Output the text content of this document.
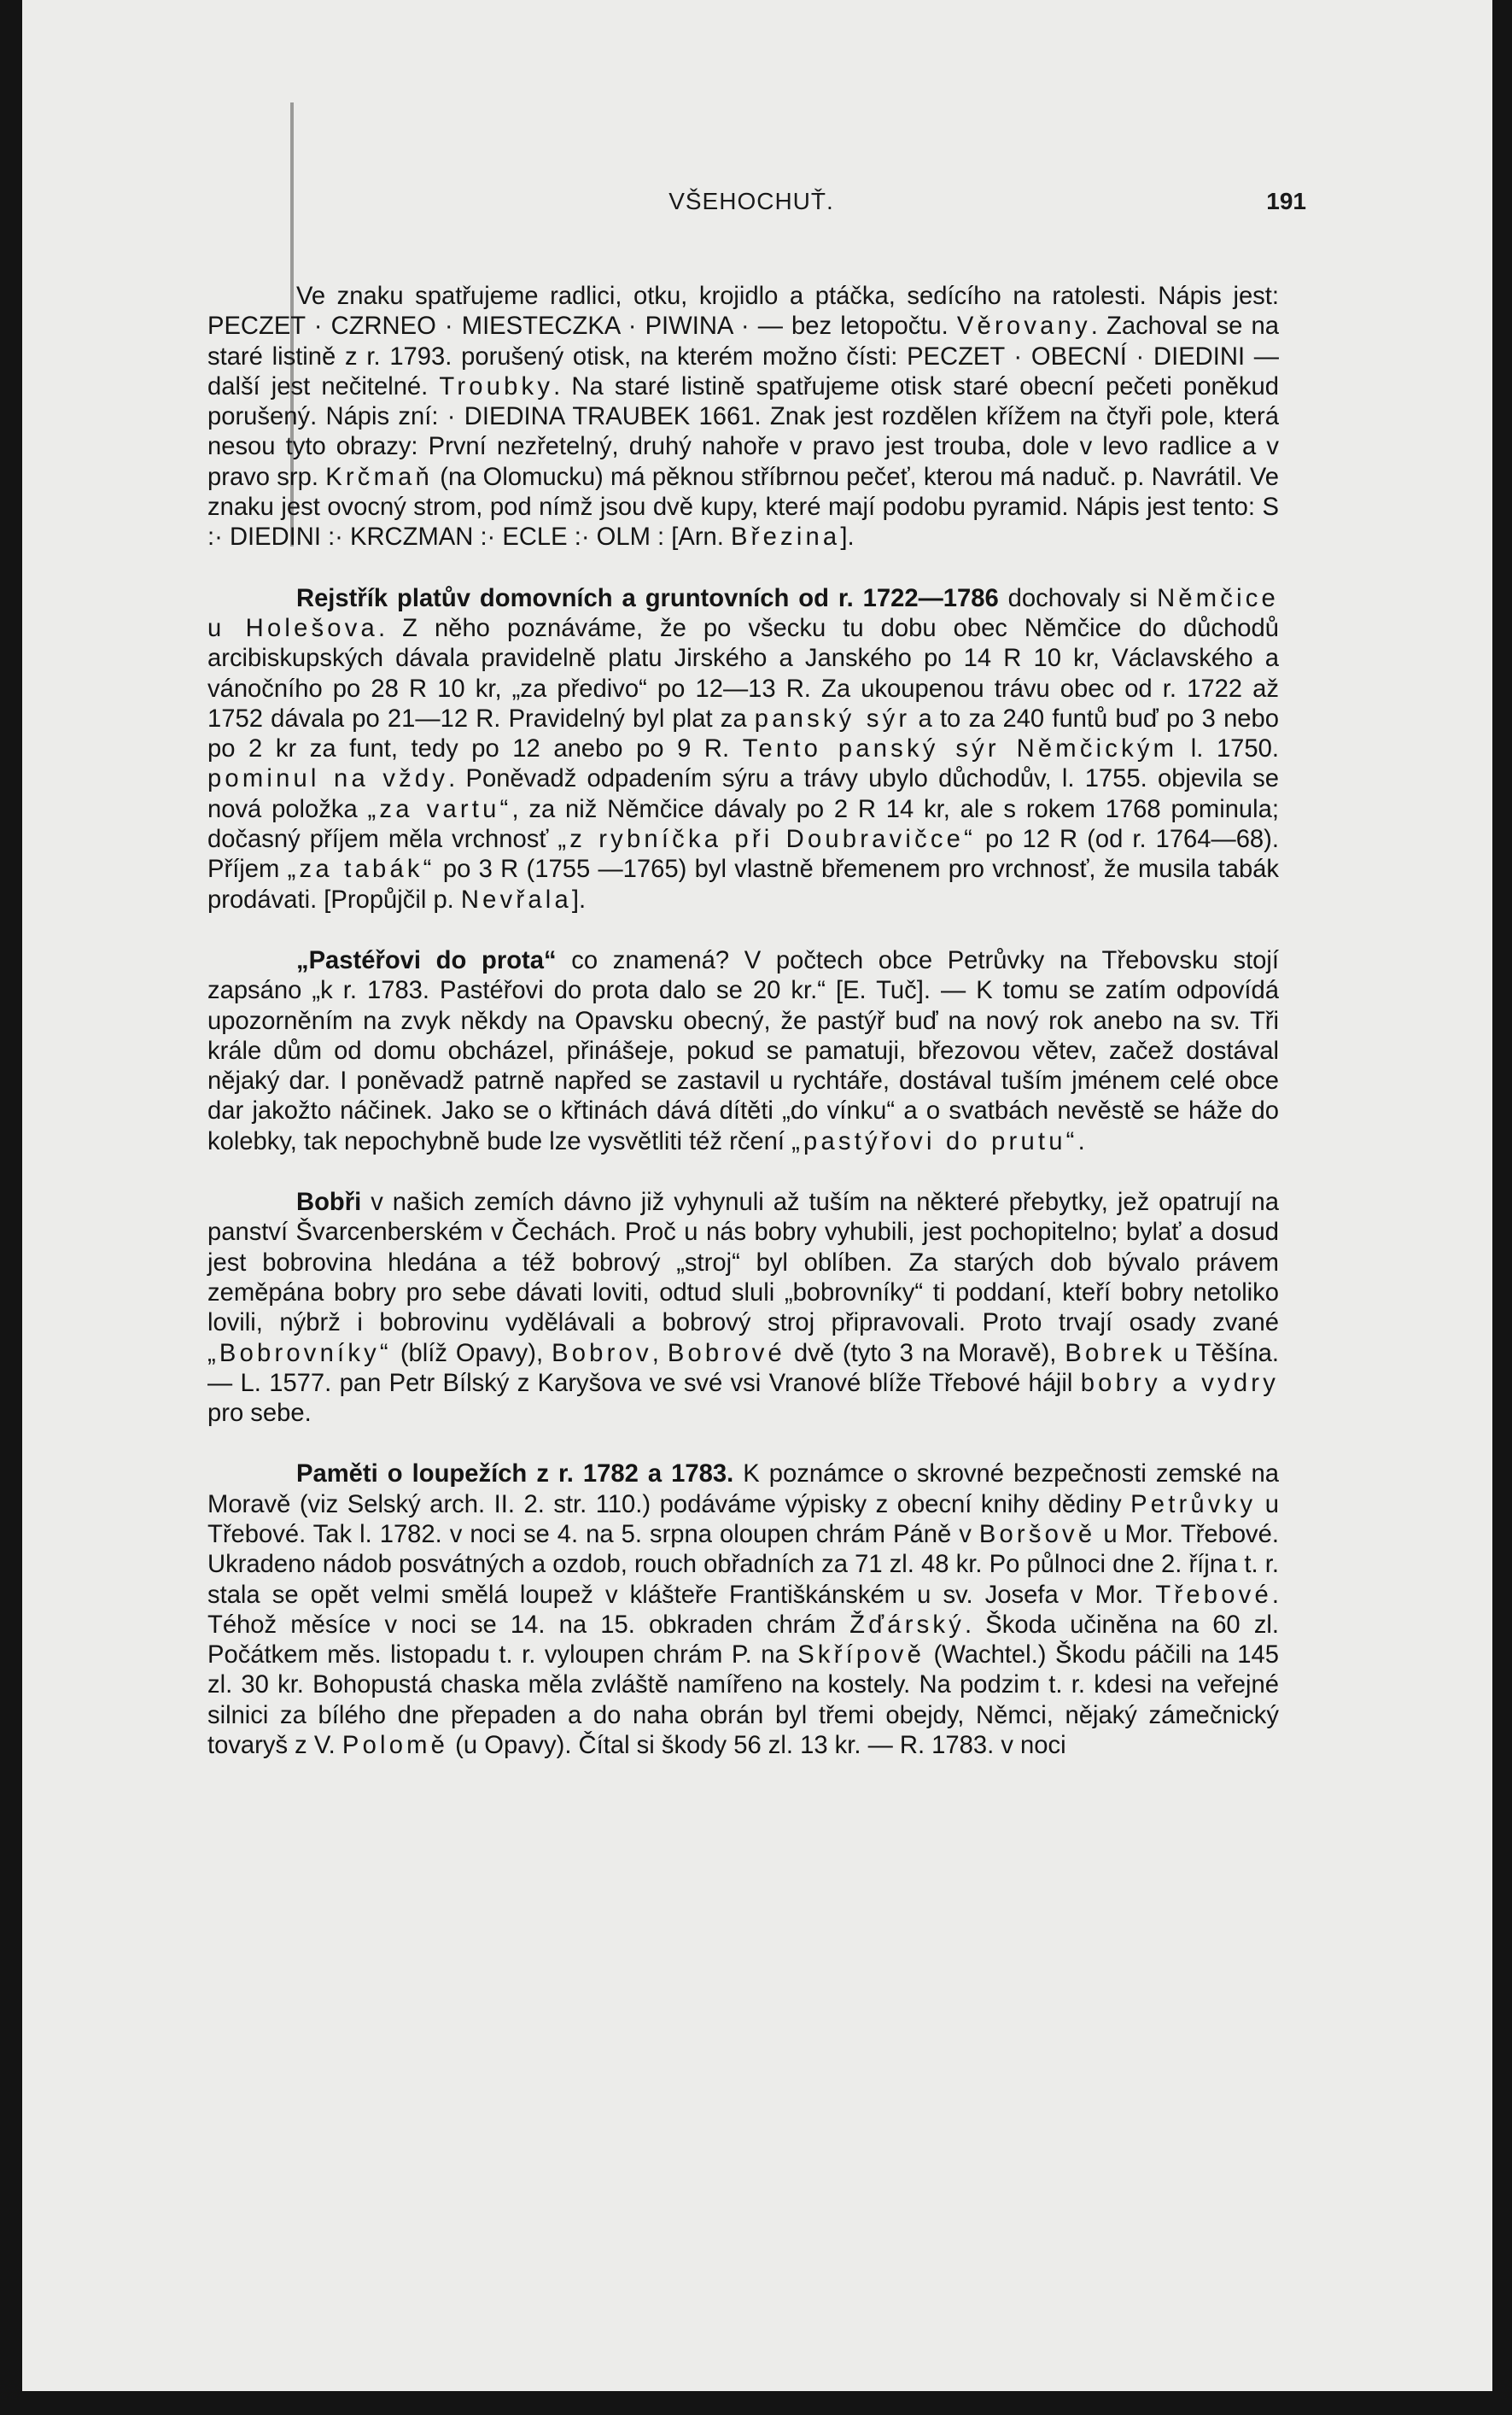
VŠEHOCHUŤ.	191

Ve znaku spatřujeme radlici, otku, krojidlo a ptáčka, sedícího na ratolesti. Nápis jest: PECZET · CZRNEO · MIESTECZKA · PIWINA · — bez letopočtu. Věrovany. Zachoval se na staré listině z r. 1793. porušený otisk, na kterém možno čísti: PECZET · OBECNÍ · DIEDINI — další jest nečitelné. Troubky. Na staré listině spatřujeme otisk staré obecní pečeti poněkud porušený. Nápis zní: · DIEDINA TRAUBEK 1661. Znak jest rozdělen křížem na čtyři pole, která nesou tyto obrazy: První nezřetelný, druhý nahoře v pravo jest trouba, dole v levo radlice a v pravo srp. Krčmaň (na Olomucku) má pěknou stříbrnou pečeť, kterou má naduč. p. Navrátil. Ve znaku jest ovocný strom, pod nímž jsou dvě kupy, které mají podobu pyramid. Nápis jest tento: S :· DIEDINI :· KRCZMAN :· ECLE :· OLM : [Arn. Březina].

Rejstřík platův domovních a gruntovních od r. 1722—1786 dochovaly si Němčice u Holešova. Z něho poznáváme, že po všecku tu dobu obec Němčice do důchodů arcibiskupských dávala pravidelně platu Jirského a Janského po 14 R 10 kr, Václavského a vánočního po 28 R 10 kr, „za předivo“ po 12—13 R. Za ukoupenou trávu obec od r. 1722 až 1752 dávala po 21—12 R. Pravidelný byl plat za panský sýr a to za 240 funtů buď po 3 nebo po 2 kr za funt, tedy po 12 anebo po 9 R. Tento panský sýr Němčickým l. 1750. pominul na vždy. Poněvadž odpadením sýru a trávy ubylo důchodův, l. 1755. objevila se nová položka „za vartu“, za niž Němčice dávaly po 2 R 14 kr, ale s rokem 1768 pominula; dočasný příjem měla vrchnosť „z rybníčka při Doubravičce“ po 12 R (od r. 1764—68). Příjem „za tabák“ po 3 R (1755 —1765) byl vlastně břemenem pro vrchnosť, že musila tabák prodávati. [Propůjčil p. Nevřala].

„Pastéřovi do prota“ co znamená? V počtech obce Petrůvky na Třebovsku stojí zapsáno „k r. 1783. Pastéřovi do prota dalo se 20 kr.“ [E. Tuč]. — K tomu se zatím odpovídá upozorněním na zvyk někdy na Opavsku obecný, že pastýř buď na nový rok anebo na sv. Tři krále dům od domu obcházel, přinášeje, pokud se pamatuji, březovou větev, začež dostával nějaký dar. I poněvadž patrně napřed se zastavil u rychtáře, dostával tuším jménem celé obce dar jakožto náčinek. Jako se o křtinách dává dítěti „do vínku“ a o svatbách nevěstě se háže do kolebky, tak nepochybně bude lze vysvětliti též rčení „pastýřovi do prutu“.

Bobři v našich zemích dávno již vyhynuli až tuším na některé přebytky, jež opatrují na panství Švarcenberském v Čechách. Proč u nás bobry vyhubili, jest pochopitelno; bylať a dosud jest bobrovina hledána a též bobrový „stroj“ byl oblíben. Za starých dob bývalo právem zeměpána bobry pro sebe dávati loviti, odtud sluli „bobrovníky“ ti poddaní, kteří bobry netoliko lovili, nýbrž i bobrovinu vydělávali a bobrový stroj připravovali. Proto trvají osady zvané „Bobrovníky“ (blíž Opavy), Bobrov, Bobrové dvě (tyto 3 na Moravě), Bobrek u Těšína. — L. 1577. pan Petr Bílský z Karyšova ve své vsi Vranové blíže Třebové hájil bobry a vydry pro sebe.

Paměti o loupežích z r. 1782 a 1783. K poznámce o skrovné bezpečnosti zemské na Moravě (viz Selský arch. II. 2. str. 110.) podáváme výpisky z obecní knihy dědiny Petrůvky u Třebové. Tak l. 1782. v noci se 4. na 5. srpna oloupen chrám Páně v Boršově u Mor. Třebové. Ukradeno nádob posvátných a ozdob, rouch obřadních za 71 zl. 48 kr. Po půlnoci dne 2. října t. r. stala se opět velmi smělá loupež v klášteře Františkánském u sv. Josefa v Mor. Třebové. Téhož měsíce v noci se 14. na 15. obkraden chrám Žďárský. Škoda učiněna na 60 zl. Počátkem měs. listopadu t. r. vyloupen chrám P. na Skřípově (Wachtel.) Škodu páčili na 145 zl. 30 kr. Bohopustá chaska měla zvláště namířeno na kostely. Na podzim t. r. kdesi na veřejné silnici za bílého dne přepaden a do naha obrán byl třemi obejdy, Němci, nějaký zámečnický tovaryš z V. Polomě (u Opavy). Čítal si škody 56 zl. 13 kr. — R. 1783. v noci
